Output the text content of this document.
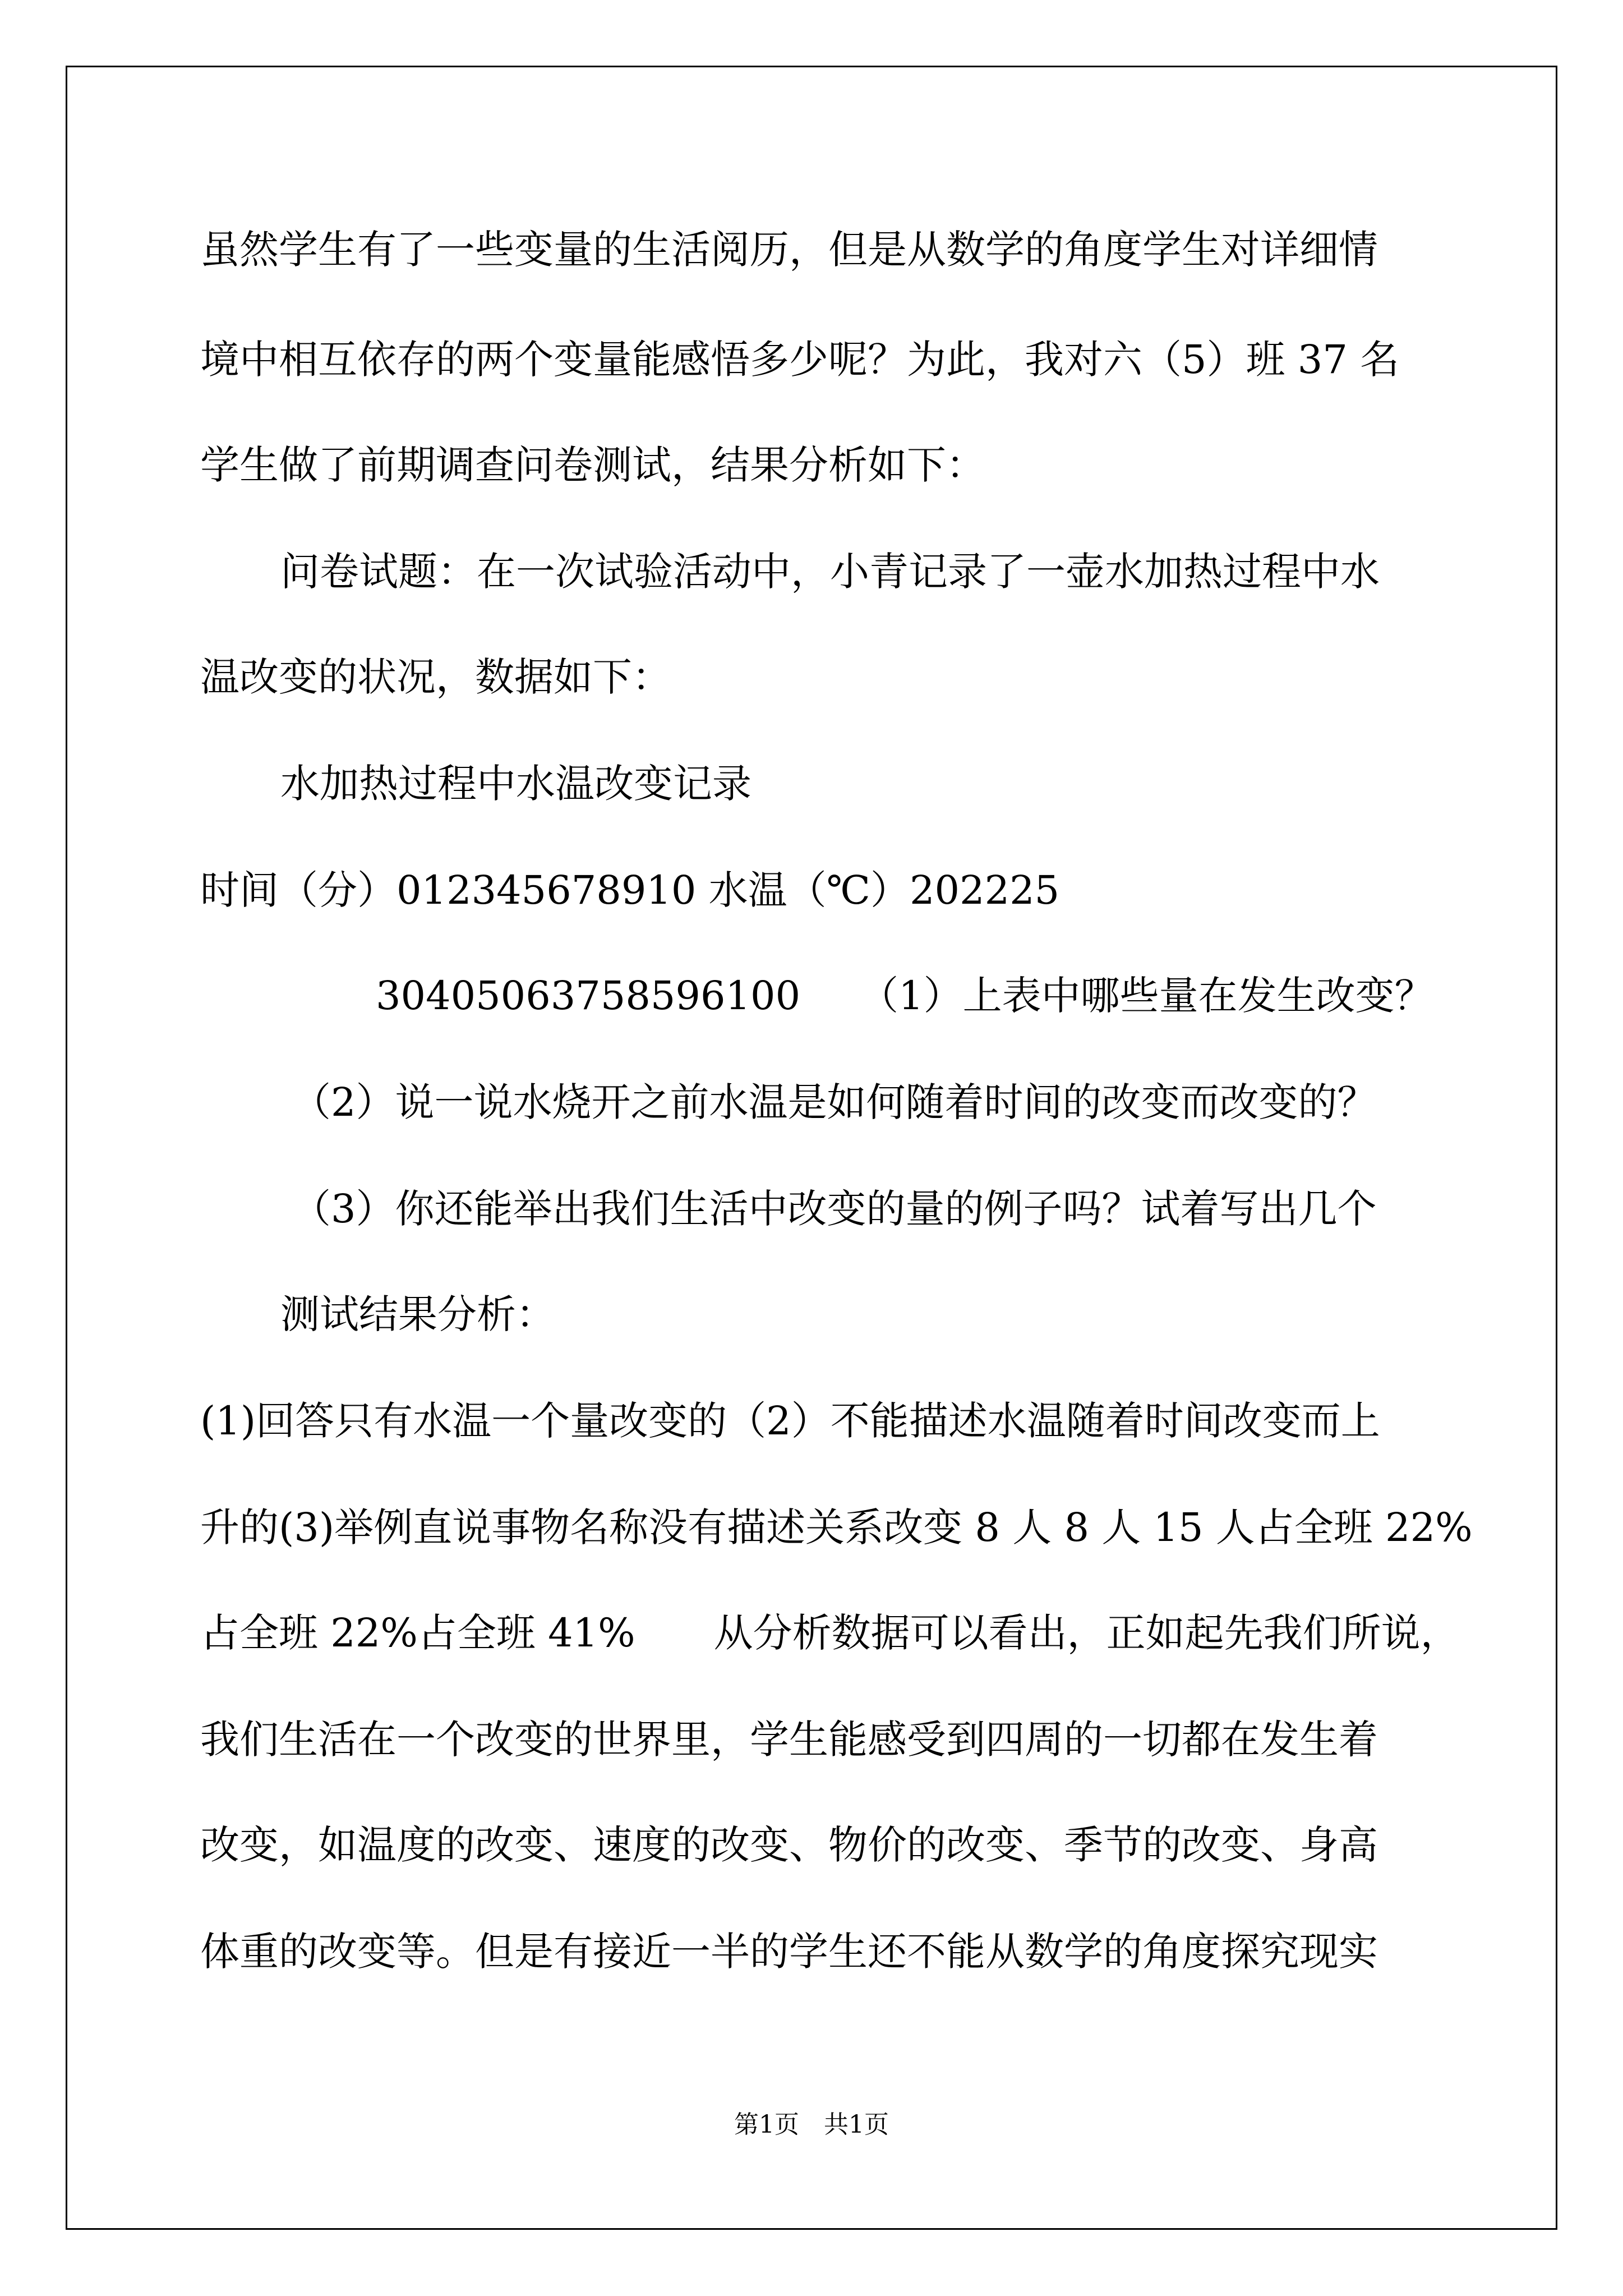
虽然学生有了一些变量的生活阅历，但是从数学的角度学生对详细情
境中相互依存的两个变量能感悟多少呢？为此，我对六（5）班 37 名
学生做了前期调查问卷测试，结果分析如下：
问卷试题：在一次试验活动中，小青记录了一壶水加热过程中水
温改变的状况，数据如下：
水加热过程中水温改变记录
时间（分）012345678910 水温（℃）202225
30405063758596100　　（1）上表中哪些量在发生改变？
（2）说一说水烧开之前水温是如何随着时间的改变而改变的？
（3）你还能举出我们生活中改变的量的例子吗？试着写出几个
测试结果分析：
(1)回答只有水温一个量改变的（2）不能描述水温随着时间改变而上
升的(3)举例直说事物名称没有描述关系改变 8 人 8 人 15 人占全班 22%
占全班 22%占全班 41%　　从分析数据可以看出，正如起先我们所说，
我们生活在一个改变的世界里，学生能感受到四周的一切都在发生着
改变，如温度的改变、速度的改变、物价的改变、季节的改变、身高
体重的改变等。但是有接近一半的学生还不能从数学的角度探究现实
第1页　共1页
